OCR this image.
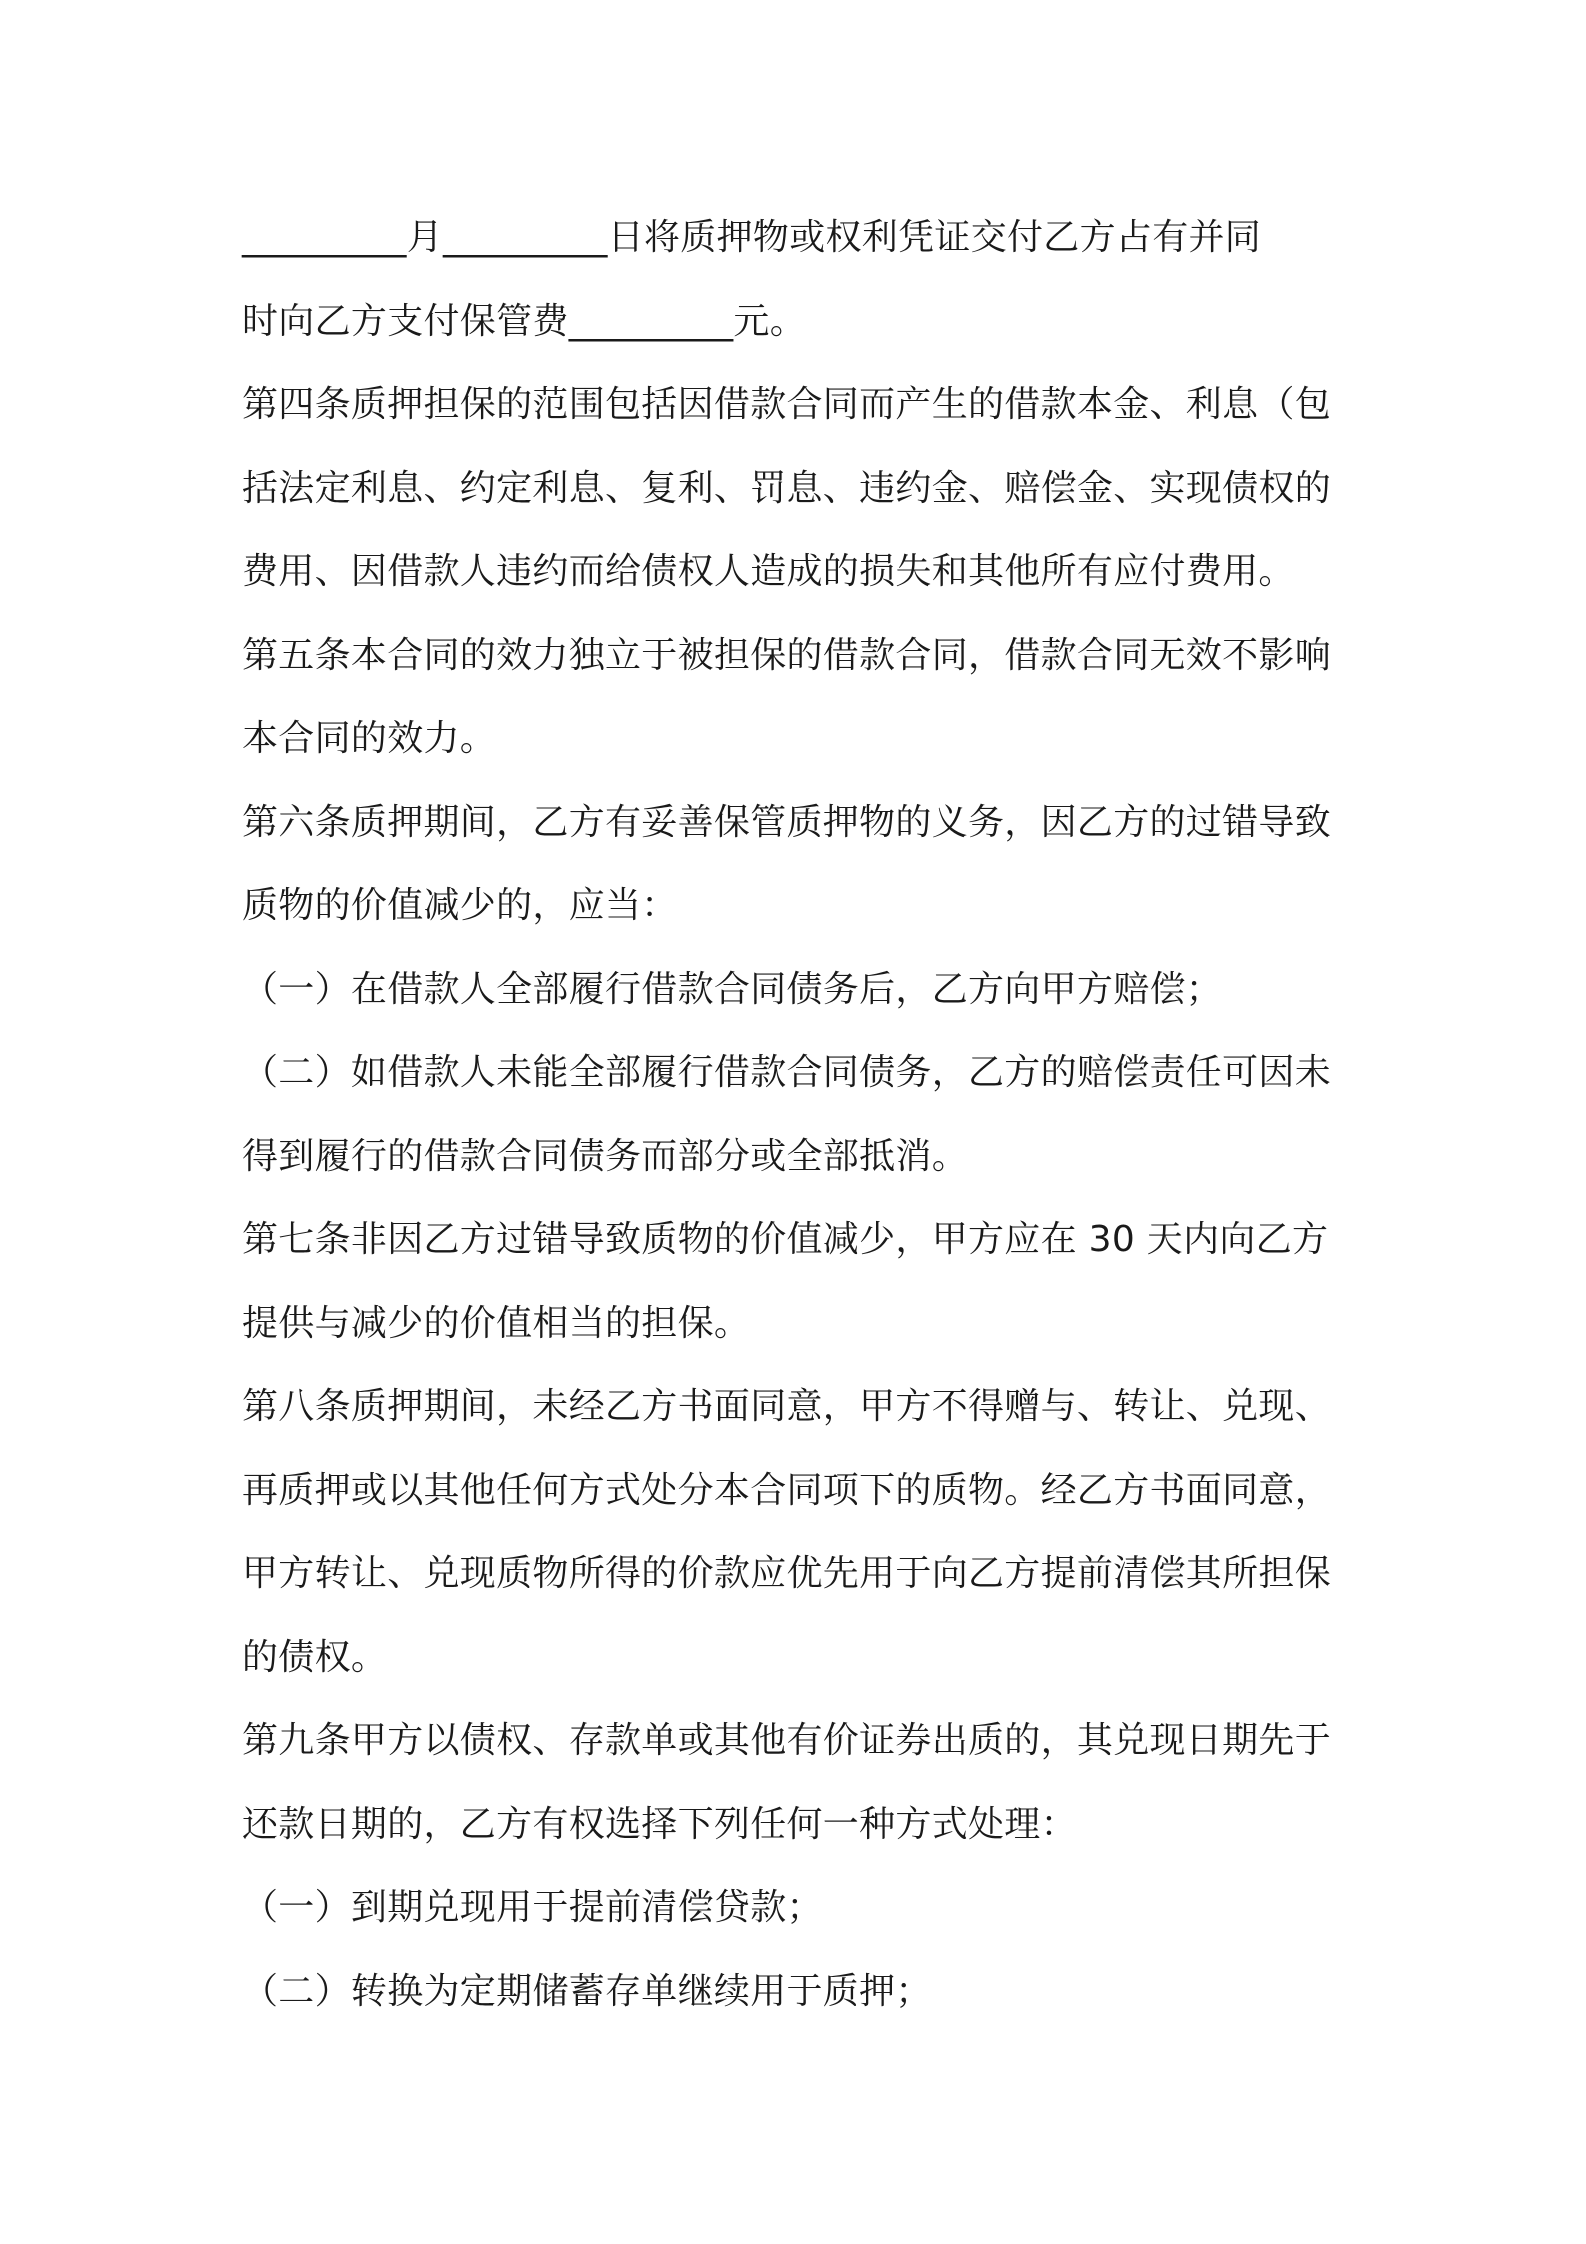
_________月_________日将质押物或权利凭证交付乙方占有并同
时向乙方支付保管费_________元。
第四条质押担保的范围包括因借款合同而产生的借款本金、利息（包
括法定利息、约定利息、复利、罚息、违约金、赔偿金、实现债权的
费用、因借款人违约而给债权人造成的损失和其他所有应付费用。
第五条本合同的效力独立于被担保的借款合同，借款合同无效不影响
本合同的效力。
第六条质押期间，乙方有妥善保管质押物的义务，因乙方的过错导致
质物的价值减少的，应当：
（一）在借款人全部履行借款合同债务后，乙方向甲方赔偿；
（二）如借款人未能全部履行借款合同债务，乙方的赔偿责任可因未
得到履行的借款合同债务而部分或全部抵消。
第七条非因乙方过错导致质物的价值减少，甲方应在 30 天内向乙方
提供与减少的价值相当的担保。
第八条质押期间，未经乙方书面同意，甲方不得赠与、转让、兑现、
再质押或以其他任何方式处分本合同项下的质物。经乙方书面同意，
甲方转让、兑现质物所得的价款应优先用于向乙方提前清偿其所担保
的债权。
第九条甲方以债权、存款单或其他有价证券出质的，其兑现日期先于
还款日期的，乙方有权选择下列任何一种方式处理：
（一）到期兑现用于提前清偿贷款；
（二）转换为定期储蓄存单继续用于质押；
